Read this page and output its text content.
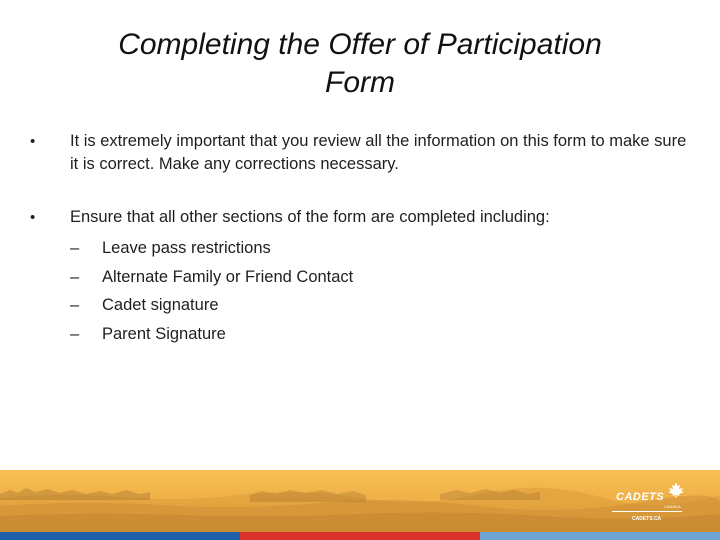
Completing the Offer of Participation
Form
•	It is extremely important that you review all the information on this form to make sure it is correct. Make any corrections necessary.
•	Ensure that all other sections of the form are completed including:
– Leave pass restrictions
– Alternate Family or Friend Contact
– Cadet signature
– Parent Signature
CADETS
CANADA
CADETS.CA
